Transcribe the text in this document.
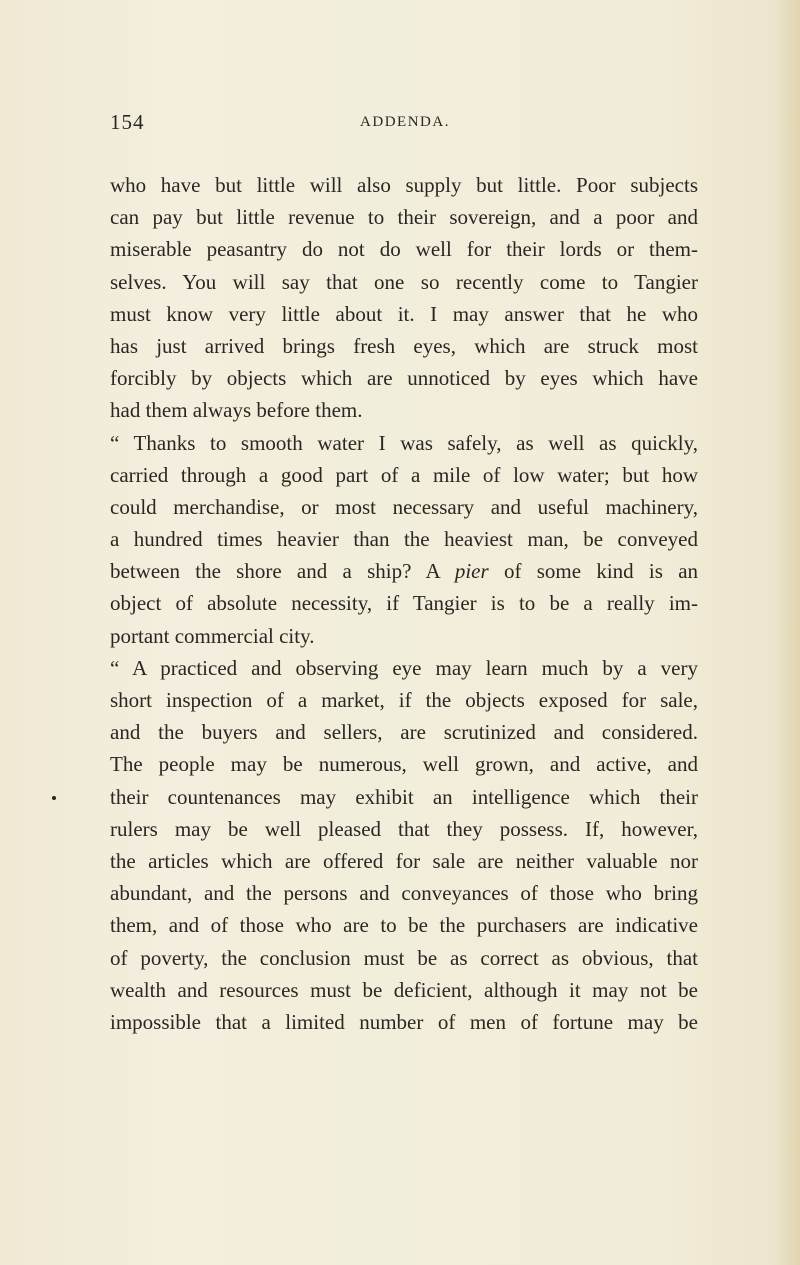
154	ADDENDA.
who have but little will also supply but little. Poor subjects
can pay but little revenue to their sovereign, and a poor and
miserable peasantry do not do well for their lords or them-
selves. You will say that one so recently come to Tangier
must know very little about it. I may answer that he who
has just arrived brings fresh eyes, which are struck most
forcibly by objects which are unnoticed by eyes which have
had them always before them.
“ Thanks to smooth water I was safely, as well as quickly,
carried through a good part of a mile of low water; but how
could merchandise, or most necessary and useful machinery,
a hundred times heavier than the heaviest man, be conveyed
between the shore and a ship? A pier of some kind is an
object of absolute necessity, if Tangier is to be a really im-
portant commercial city.
“ A practiced and observing eye may learn much by a very
short inspection of a market, if the objects exposed for sale,
and the buyers and sellers, are scrutinized and considered.
The people may be numerous, well grown, and active, and
their countenances may exhibit an intelligence which their
rulers may be well pleased that they possess. If, however,
the articles which are offered for sale are neither valuable nor
abundant, and the persons and conveyances of those who bring
them, and of those who are to be the purchasers are indicative
of poverty, the conclusion must be as correct as obvious, that
wealth and resources must be deficient, although it may not be
impossible that a limited number of men of fortune may be
